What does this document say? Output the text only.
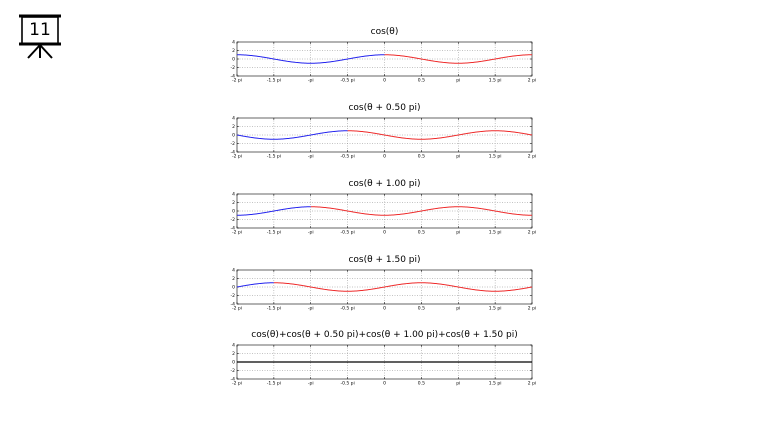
11	cos(θ)
-2 pi	-1.5 pi	-pi	-0.5 pi	0	0.5	pi	1.5 pi	2 pi
4
2
0
-2
-4
cos(θ + 0.50 pi)
-2 pi	-1.5 pi	-pi	-0.5 pi	0	0.5	pi	1.5 pi	2 pi
4
2
0
-2
-4
cos(θ + 1.00 pi)
-2 pi	-1.5 pi	-pi	-0.5 pi	0	0.5	pi	1.5 pi	2 pi
4
2
0
-2
-4
cos(θ + 1.50 pi)
-2 pi	-1.5 pi	-pi	-0.5 pi	0	0.5	pi	1.5 pi	2 pi
4
2
0
-2
-4
cos(θ)+cos(θ + 0.50 pi)+cos(θ + 1.00 pi)+cos(θ + 1.50 pi)
-2 pi	-1.5 pi	-pi	-0.5 pi	0	0.5	pi	1.5 pi	2 pi
4
2
0
-2
-4
